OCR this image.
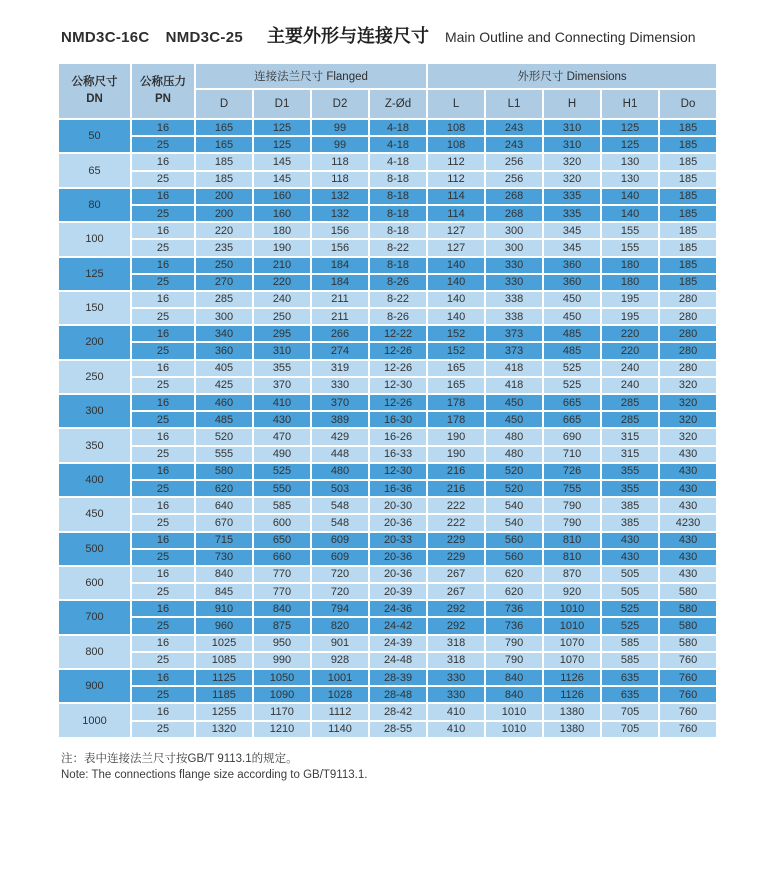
NMD3C-16C NMD3C-25 主要外形与连接尺寸 Main Outline and Connecting Dimension
公称尺寸
DN	公称压力
PN	连接法兰尺寸 Flanged				外形尺寸 Dimensions				
		D	D1	D2	Z-Ød	L	L1	H	H1	Do
50	16	165	125	99	4-18	108	243	310	125	185
	25	165	125	99	4-18	108	243	310	125	185
65	16	185	145	118	4-18	112	256	320	130	185
	25	185	145	118	8-18	112	256	320	130	185
80	16	200	160	132	8-18	114	268	335	140	185
	25	200	160	132	8-18	114	268	335	140	185
100	16	220	180	156	8-18	127	300	345	155	185
	25	235	190	156	8-22	127	300	345	155	185
125	16	250	210	184	8-18	140	330	360	180	185
	25	270	220	184	8-26	140	330	360	180	185
150	16	285	240	211	8-22	140	338	450	195	280
	25	300	250	211	8-26	140	338	450	195	280
200	16	340	295	266	12-22	152	373	485	220	280
	25	360	310	274	12-26	152	373	485	220	280
250	16	405	355	319	12-26	165	418	525	240	280
	25	425	370	330	12-30	165	418	525	240	320
300	16	460	410	370	12-26	178	450	665	285	320
	25	485	430	389	16-30	178	450	665	285	320
350	16	520	470	429	16-26	190	480	690	315	320
	25	555	490	448	16-33	190	480	710	315	430
400	16	580	525	480	12-30	216	520	726	355	430
	25	620	550	503	16-36	216	520	755	355	430
450	16	640	585	548	20-30	222	540	790	385	430
	25	670	600	548	20-36	222	540	790	385	4230
500	16	715	650	609	20-33	229	560	810	430	430
	25	730	660	609	20-36	229	560	810	430	430
600	16	840	770	720	20-36	267	620	870	505	430
	25	845	770	720	20-39	267	620	920	505	580
700	16	910	840	794	24-36	292	736	1010	525	580
	25	960	875	820	24-42	292	736	1010	525	580
800	16	1025	950	901	24-39	318	790	1070	585	580
	25	1085	990	928	24-48	318	790	1070	585	760
900	16	1125	1050	1001	28-39	330	840	1126	635	760
	25	1185	1090	1028	28-48	330	840	1126	635	760
1000	16	1255	1170	1112	28-42	410	1010	1380	705	760
	25	1320	1210	1140	28-55	410	1010	1380	705	760
注：表中连接法兰尺寸按GB/T 9113.1的规定。
Note: The connections flange size according to GB/T9113.1.
